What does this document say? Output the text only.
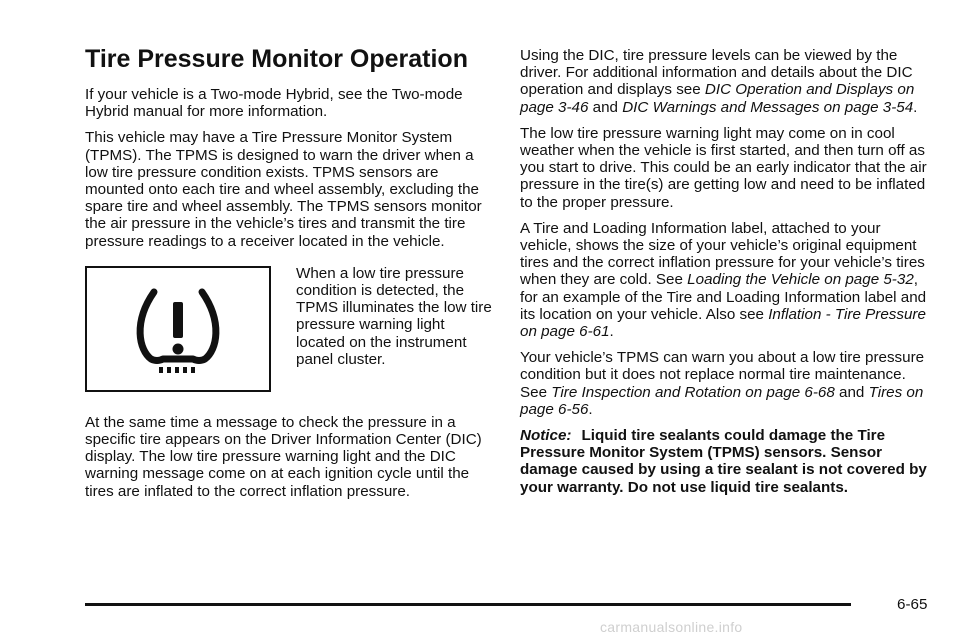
Tire Pressure Monitor Operation

If your vehicle is a Two-mode Hybrid, see the Two-mode Hybrid manual for more information.

This vehicle may have a Tire Pressure Monitor System (TPMS). The TPMS is designed to warn the driver when a low tire pressure condition exists. TPMS sensors are mounted onto each tire and wheel assembly, excluding the spare tire and wheel assembly. The TPMS sensors monitor the air pressure in the vehicle’s tires and transmit the tire pressure readings to a receiver located in the vehicle.

When a low tire pressure condition is detected, the TPMS illuminates the low tire pressure warning light located on the instrument panel cluster.

At the same time a message to check the pressure in a specific tire appears on the Driver Information Center (DIC) display. The low tire pressure warning light and the DIC warning message come on at each ignition cycle until the tires are inflated to the correct inflation pressure.

Using the DIC, tire pressure levels can be viewed by the driver. For additional information and details about the DIC operation and displays see DIC Operation and Displays on page 3-46 and DIC Warnings and Messages on page 3-54.

The low tire pressure warning light may come on in cool weather when the vehicle is first started, and then turn off as you start to drive. This could be an early indicator that the air pressure in the tire(s) are getting low and need to be inflated to the proper pressure.

A Tire and Loading Information label, attached to your vehicle, shows the size of your vehicle’s original equipment tires and the correct inflation pressure for your vehicle’s tires when they are cold. See Loading the Vehicle on page 5-32, for an example of the Tire and Loading Information label and its location on your vehicle. Also see Inflation - Tire Pressure on page 6-61.

Your vehicle’s TPMS can warn you about a low tire pressure condition but it does not replace normal tire maintenance. See Tire Inspection and Rotation on page 6-68 and Tires on page 6-56.

Notice: Liquid tire sealants could damage the Tire Pressure Monitor System (TPMS) sensors. Sensor damage caused by using a tire sealant is not covered by your warranty. Do not use liquid tire sealants.

6-65
carmanualsonline.info
